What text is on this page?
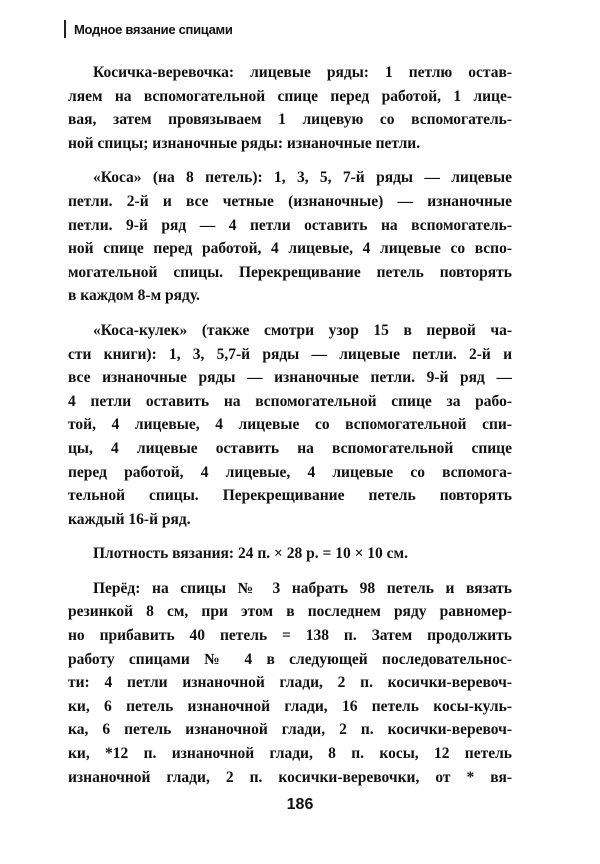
Модное вязание спицами
Косичка-веревочка: лицевые ряды: 1 петлю остав-
ляем на вспомогательной спице перед работой, 1 лице-
вая, затем провязываем 1 лицевую со вспомогатель-
ной спицы; изнаночные ряды: изнаночные петли.
«Коса» (на 8 петель): 1, 3, 5, 7-й ряды — лицевые
петли. 2-й и все четные (изнаночные) — изнаночные
петли. 9-й ряд — 4 петли оставить на вспомогатель-
ной спице перед работой, 4 лицевые, 4 лицевые со вспо-
могательной спицы. Перекрещивание петель повторять
в каждом 8-м ряду.
«Коса-кулек» (также смотри узор 15 в первой ча-
сти книги): 1, 3, 5,7-й ряды — лицевые петли. 2-й и
все изнаночные ряды — изнаночные петли. 9-й ряд —
4 петли оставить на вспомогательной спице за рабо-
той, 4 лицевые, 4 лицевые со вспомогательной спи-
цы, 4 лицевые оставить на вспомогательной спице
перед работой, 4 лицевые, 4 лицевые со вспомога-
тельной спицы. Перекрещивание петель повторять
каждый 16-й ряд.
Плотность вязания: 24 п. × 28 р. = 10 × 10 см.
Перёд: на спицы № 3 набрать 98 петель и вязать
резинкой 8 см, при этом в последнем ряду равномер-
но прибавить 40 петель = 138 п. Затем продолжить
работу спицами № 4 в следующей последовательнос-
ти: 4 петли изнаночной глади, 2 п. косички-веревоч-
ки, 6 петель изнаночной глади, 16 петель косы-куль-
ка, 6 петель изнаночной глади, 2 п. косички-веревоч-
ки, *12 п. изнаночной глади, 8 п. косы, 12 петель
изнаночной глади, 2 п. косички-веревочки, от * вя-
186
